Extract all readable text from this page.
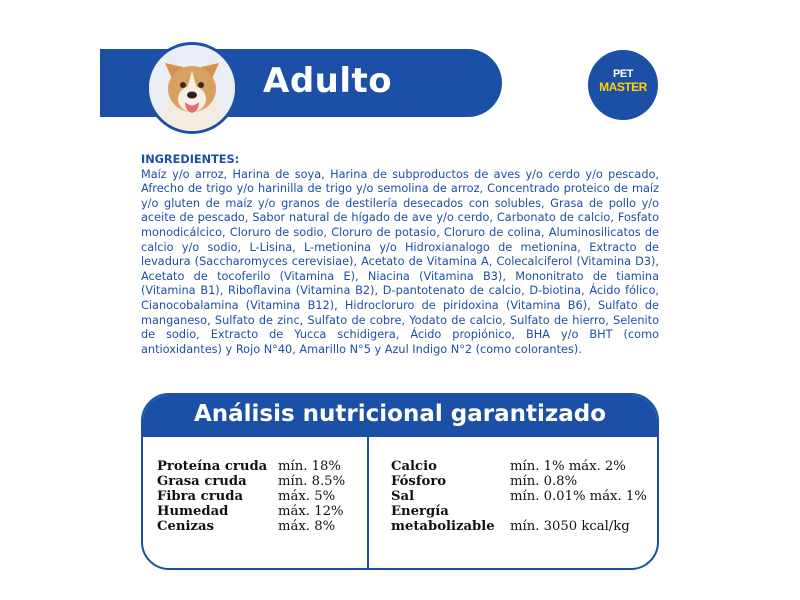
Adulto	PET
MASTER
INGREDIENTES:
Maíz y/o arroz, Harina de soya, Harina de subproductos de aves y/o cerdo y/o pescado, Afrecho de trigo y/o harinilla de trigo y/o semolina de arroz, Concentrado proteico de maíz y/o gluten de maíz y/o granos de destilería desecados con solubles, Grasa de pollo y/o aceite de pescado, Sabor natural de hígado de ave y/o cerdo, Carbonato de calcio, Fosfato monodicálcico, Cloruro de sodio, Cloruro de potasio, Cloruro de colina, Aluminosilicatos de calcio y/o sodio, L-Lisina, L-metionina y/o Hidroxianalogo de metionina, Extracto de levadura (Saccharomyces cerevisiae), Acetato de Vitamina A, Colecalciferol (Vitamina D3), Acetato de tocoferilo (Vitamina E), Niacina (Vitamina B3), Mononitrato de tiamina (Vitamina B1), Riboflavina (Vitamina B2), D-pantotenato de calcio, D-biotina, Ácido fólico, Cianocobalamina (Vitamina B12), Hidrocloruro de piridoxina (Vitamina B6), Sulfato de manganeso, Sulfato de zinc, Sulfato de cobre, Yodato de calcio, Sulfato de hierro, Selenito de sodio, Extracto de Yucca schidigera, Ácido propiónico, BHA y/o BHT (como antioxidantes) y Rojo N°40, Amarillo N°5 y Azul Indigo N°2 (como colorantes).
Análisis nutricional garantizado
Proteína cruda mín. 18%
Grasa cruda mín. 8.5%
Fibra cruda	máx. 5%
Humedad	máx. 12%
Cenizas	máx. 8%
Calcio	mín. 1% máx. 2%
Fósforo	mín. 0.8%
Sal	mín. 0.01% máx. 1%
Energía metabolizable	mín. 3050 kcal/kg
